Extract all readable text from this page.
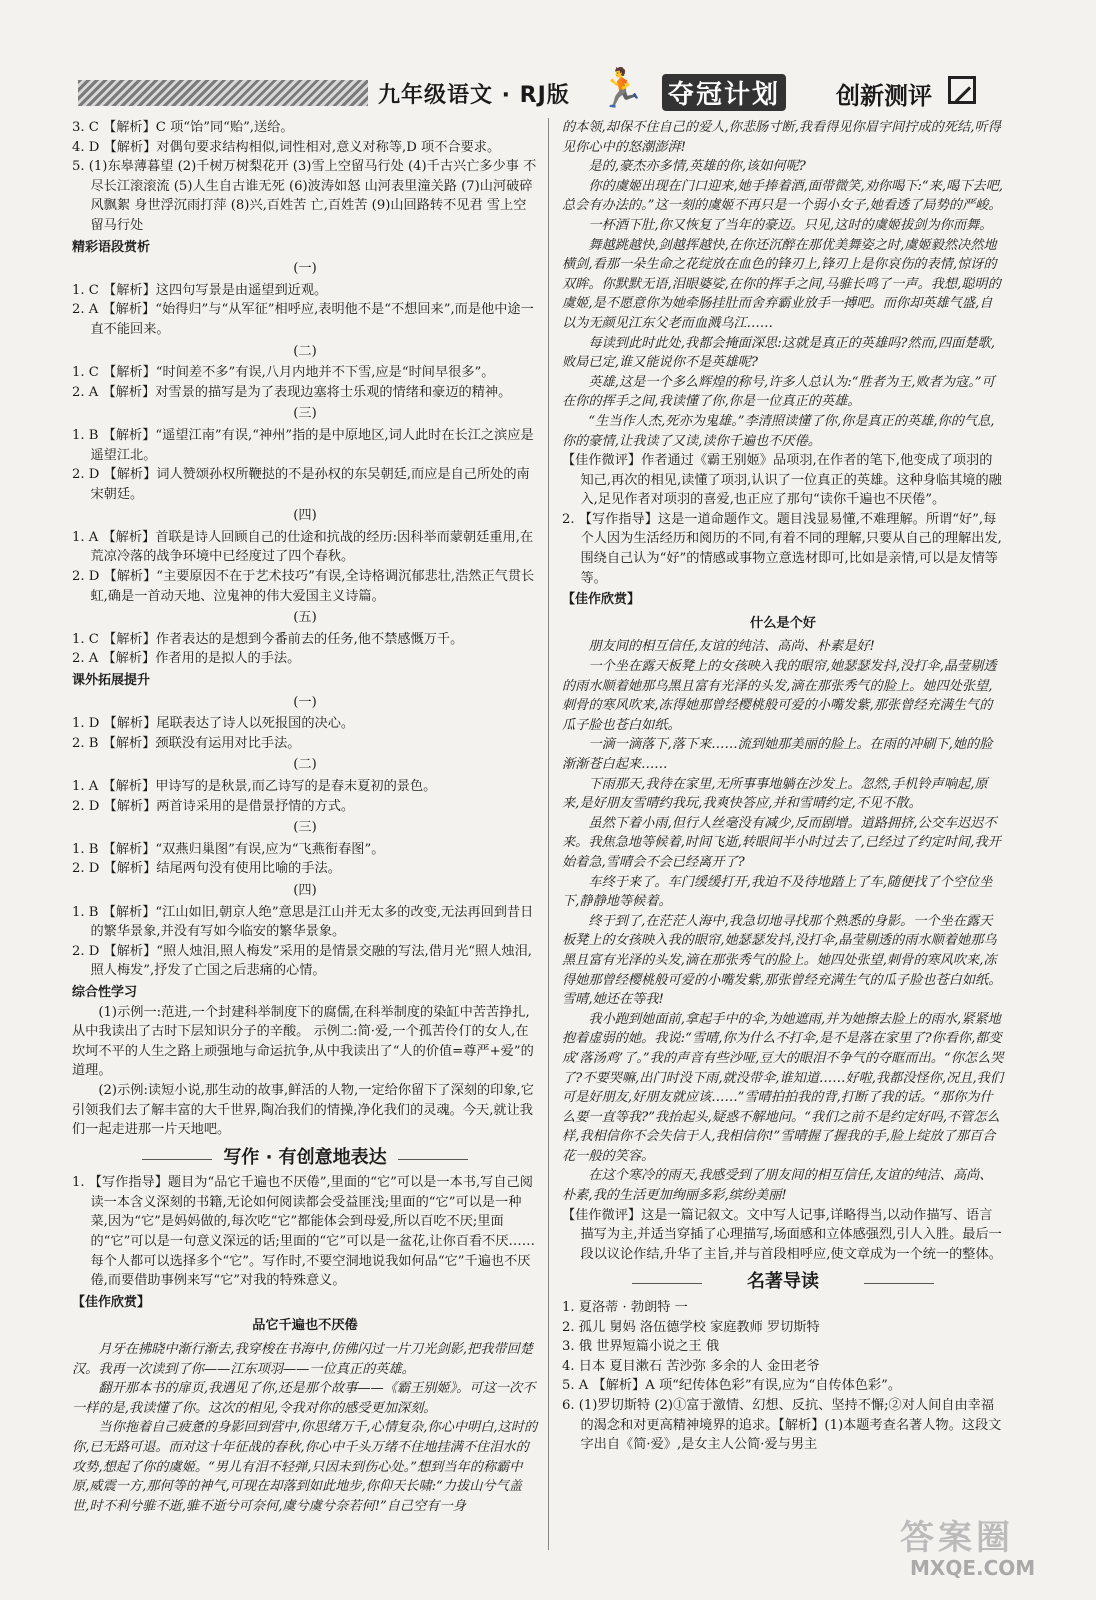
九年级语文 · RJ版 🏃 夺冠计划 创新测评

3. C 【解析】C 项“饴”同“贻”,送给。

4. D 【解析】对偶句要求结构相似,词性相对,意义对称等,D 项不合要求。

5. (1)东皋薄暮望 (2)千树万树梨花开 (3)雪上空留马行处 (4)千古兴亡多少事 不尽长江滚滚流 (5)人生自古谁无死 (6)波涛如怒 山河表里潼关路 (7)山河破碎风飘絮 身世浮沉雨打萍 (8)兴,百姓苦 亡,百姓苦 (9)山回路转不见君 雪上空留马行处

精彩语段赏析

(一)

1. C 【解析】这四句写景是由遥望到近观。

2. A 【解析】“始得归”与“从军征”相呼应,表明他不是“不想回来”,而是他中途一直不能回来。

(二)

1. C 【解析】“时间差不多”有误,八月内地并不下雪,应是“时间早很多”。

2. A 【解析】对雪景的描写是为了表现边塞将士乐观的情绪和豪迈的精神。

(三)

1. B 【解析】“遥望江南”有误,“神州”指的是中原地区,词人此时在长江之滨应是遥望江北。

2. D 【解析】词人赞颂孙权所鞭挞的不是孙权的东吴朝廷,而应是自己所处的南宋朝廷。

(四)

1. A 【解析】首联是诗人回顾自己的仕途和抗战的经历:因科举而蒙朝廷重用,在荒凉冷落的战争环境中已经度过了四个春秋。

2. D 【解析】“主要原因不在于艺术技巧”有误,全诗格调沉郁悲壮,浩然正气贯长虹,确是一首动天地、泣鬼神的伟大爱国主义诗篇。

(五)

1. C 【解析】作者表达的是想到今番前去的任务,他不禁感慨万千。

2. A 【解析】作者用的是拟人的手法。

课外拓展提升

(一)

1. D 【解析】尾联表达了诗人以死报国的决心。

2. B 【解析】颈联没有运用对比手法。

(二)

1. A 【解析】甲诗写的是秋景,而乙诗写的是春末夏初的景色。

2. D 【解析】两首诗采用的是借景抒情的方式。

(三)

1. B 【解析】“双燕归巢图”有误,应为“飞燕衔春图”。

2. D 【解析】结尾两句没有使用比喻的手法。

(四)

1. B 【解析】“江山如旧,朝京人绝”意思是江山并无太多的改变,无法再回到昔日的繁华景象,并没有写如今临安的繁华景象。

2. D 【解析】“照人烛泪,照人梅发”采用的是情景交融的写法,借月光“照人烛泪,照人梅发”,抒发了亡国之后悲痛的心情。

综合性学习

(1)示例一:范进,一个封建科举制度下的腐儒,在科举制度的染缸中苦苦挣扎,从中我读出了古时下层知识分子的辛酸。 示例二:简·爱,一个孤苦伶仃的女人,在坎坷不平的人生之路上顽强地与命运抗争,从中我读出了“人的价值=尊严+爱”的道理。

(2)示例:读短小说,那生动的故事,鲜活的人物,一定给你留下了深刻的印象,它引领我们去了解丰富的大千世界,陶冶我们的情操,净化我们的灵魂。今天,就让我们一起走进那一片天地吧。

写作 · 有创意地表达

1. 【写作指导】题目为“品它千遍也不厌倦”,里面的“它”可以是一本书,写自己阅读一本含义深刻的书籍,无论如何阅读都会受益匪浅;里面的“它”可以是一种菜,因为“它”是妈妈做的,每次吃“它”都能体会到母爱,所以百吃不厌;里面的“它”可以是一句意义深远的话;里面的“它”可以是一盆花,让你百看不厌……每个人都可以选择多个“它”。写作时,不要空洞地说我如何品“它”千遍也不厌倦,而要借助事例来写“它”对我的特殊意义。

【佳作欣赏】

品它千遍也不厌倦

月牙在拂晓中渐行渐去,我穿梭在书海中,仿佛闪过一片刀光剑影,把我带回楚汉。我再一次读到了你——江东项羽——一位真正的英雄。

翻开那本书的扉页,我遇见了你,还是那个故事——《霸王别姬》。可这一次不一样的是,我读懂了你。这次的相见,令我对你的感受更加深刻。

当你拖着自己疲惫的身影回到营中,你思绪万千,心情复杂,你心中明白,这时的你,已无路可退。而对这十年征战的春秋,你心中千头万绪不住地挂满不住泪水的攻势,想起了你的虞姬。“男儿有泪不轻弹,只因未到伤心处。”想到当年的称霸中原,威震一方,那何等的神气,可现在却落到如此地步,你仰天长啸:“力拔山兮气盖世,时不利兮骓不逝,骓不逝兮可奈何,虞兮虞兮奈若何!”自己空有一身

的本领,却保不住自己的爱人,你悲肠寸断,我看得见你眉宇间拧成的死结,听得见你心中的怒潮澎湃!

是的,豪杰亦多情,英雄的你,该如何呢?

你的虞姬出现在门口迎来,她手捧着酒,面带微笑,劝你喝下:“来,喝下去吧,总会有办法的。”这一刻的虞姬不再只是一个弱小女子,她看透了局势的严峻。

一杯酒下肚,你又恢复了当年的豪迈。只见,这时的虞姬拔剑为你而舞。

舞越跳越快,剑越挥越快,在你还沉醉在那优美舞姿之时,虞姬毅然决然地横剑,看那一朵生命之花绽放在血色的锋刃上,锋刃上是你哀伤的表情,惊讶的双眸。你默默无语,泪眼婆娑,在你的挥手之间,马骓长鸣了一声。我想,聪明的虞姬,是不愿意你为她牵肠挂肚而舍弃霸业放手一搏吧。而你却英雄气盛,自以为无颜见江东父老而血溅乌江……

每读到此时此处,我都会掩面深思:这就是真正的英雄吗?然而,四面楚歌,败局已定,谁又能说你不是英雄呢?

英雄,这是一个多么辉煌的称号,许多人总认为:“胜者为王,败者为寇。”可在你的挥手之间,我读懂了你,你是一位真正的英雄。

“生当作人杰,死亦为鬼雄。”李清照读懂了你,你是真正的英雄,你的气息,你的豪情,让我读了又读,读你千遍也不厌倦。

【佳作微评】作者通过《霸王别姬》品项羽,在作者的笔下,他变成了项羽的知己,再次的相见,读懂了项羽,认识了一位真正的英雄。这种身临其境的融入,足见作者对项羽的喜爱,也正应了那句“读你千遍也不厌倦”。

2. 【写作指导】这是一道命题作文。题目浅显易懂,不难理解。所谓“好”,每个人因为生活经历和阅历的不同,有着不同的理解,只要从自己的理解出发,围绕自己认为“好”的情感或事物立意选材即可,比如是亲情,可以是友情等等。

【佳作欣赏】

什么是个好

朋友间的相互信任,友谊的纯洁、高尚、朴素是好!

一个坐在露天板凳上的女孩映入我的眼帘,她瑟瑟发抖,没打伞,晶莹剔透的雨水顺着她那乌黑且富有光泽的头发,滴在那张秀气的脸上。她四处张望,刺骨的寒风吹来,冻得她那曾经樱桃般可爱的小嘴发紫,那张曾经充满生气的瓜子脸也苍白如纸。

一滴一滴落下,落下来……流到她那美丽的脸上。在雨的冲刷下,她的脸渐渐苍白起来……

下雨那天,我待在家里,无所事事地躺在沙发上。忽然,手机铃声响起,原来,是好朋友雪晴约我玩,我爽快答应,并和雪晴约定,不见不散。

虽然下着小雨,但行人丝毫没有减少,反而剧增。道路拥挤,公交车迟迟不来。我焦急地等候着,时间飞逝,转眼间半小时过去了,已经过了约定时间,我开始着急,雪晴会不会已经离开了?

车终于来了。车门缓缓打开,我迫不及待地踏上了车,随便找了个空位坐下,静静地等候着。

终于到了,在茫茫人海中,我急切地寻找那个熟悉的身影。一个坐在露天板凳上的女孩映入我的眼帘,她瑟瑟发抖,没打伞,晶莹剔透的雨水顺着她那乌黑且富有光泽的头发,滴在那张秀气的脸上。她四处张望,刺骨的寒风吹来,冻得她那曾经樱桃般可爱的小嘴发紫,那张曾经充满生气的瓜子脸也苍白如纸。雪晴,她还在等我!

我小跑到她面前,拿起手中的伞,为她遮雨,并为她擦去脸上的雨水,紧紧地抱着虚弱的她。我说:“雪晴,你为什么不打伞,是不是落在家里了?你看你,都变成‘落汤鸡’了。”我的声音有些沙哑,豆大的眼泪不争气的夺眶而出。“你怎么哭了?不要哭嘛,出门时没下雨,就没带伞,谁知道……好啦,我都没怪你,况且,我们可是好朋友,好朋友就应该……”雪晴拍拍我的背,打断了我的话。“那你为什么要一直等我?”我抬起头,疑惑不解地问。“我们之前不是约定好吗,不管怎么样,我相信你不会失信于人,我相信你!”雪晴握了握我的手,脸上绽放了那百合花一般的笑容。

在这个寒冷的雨天,我感受到了朋友间的相互信任,友谊的纯洁、高尚、朴素,我的生活更加绚丽多彩,缤纷美丽!

【佳作微评】这是一篇记叙文。文中写人记事,详略得当,以动作描写、语言描写为主,并适当穿插了心理描写,场面感和立体感强烈,引人入胜。最后一段以议论作结,升华了主旨,并与首段相呼应,使文章成为一个统一的整体。

名著导读

1. 夏洛蒂 · 勃朗特 一

2. 孤儿 舅妈 洛伍德学校 家庭教师 罗切斯特

3. 俄 世界短篇小说之王 俄

4. 日本 夏目漱石 苦沙弥 多余的人 金田老爷

5. A 【解析】A 项“纪传体色彩”有误,应为“自传体色彩”。

6. (1)罗切斯特 (2)①富于激情、幻想、反抗、坚持不懈;②对人间自由幸福的渴念和对更高精神境界的追求。【解析】(1)本题考查名著人物。这段文字出自《简·爱》,是女主人公简·爱与男主

答案圈
MXQE.COM
